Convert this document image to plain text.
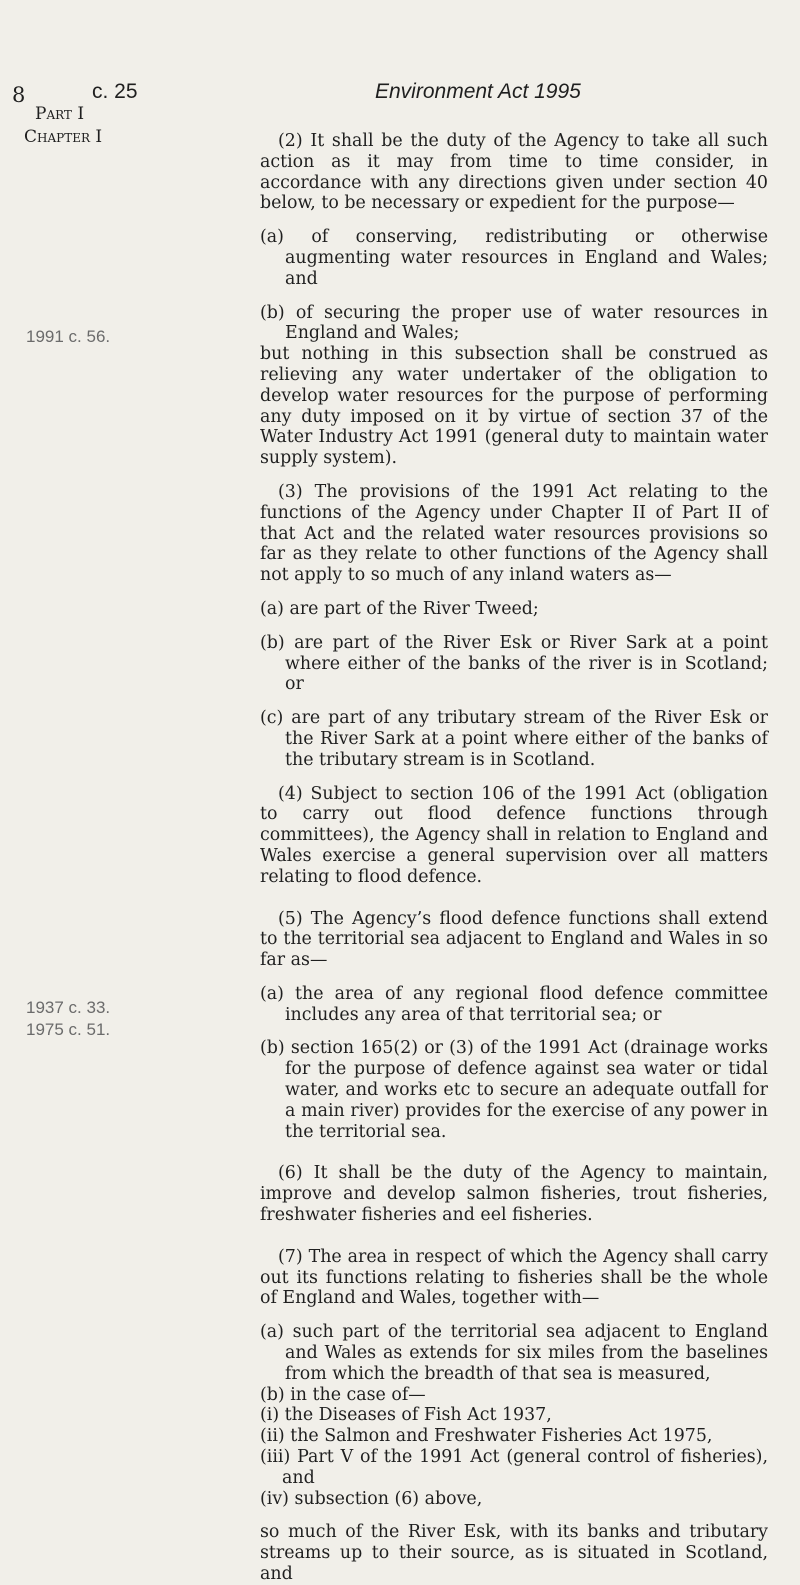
8	c. 25	Environment Act 1995
Part I
Chapter I
1991 c. 56.
1937 c. 33.
1975 c. 51.

(2) It shall be the duty of the Agency to take all such action as it may from time to time consider, in accordance with any directions given under section 40 below, to be necessary or expedient for the purpose—

(a) of conserving, redistributing or otherwise augmenting water resources in England and Wales; and

(b) of securing the proper use of water resources in England and Wales;

but nothing in this subsection shall be construed as relieving any water undertaker of the obligation to develop water resources for the purpose of performing any duty imposed on it by virtue of section 37 of the Water Industry Act 1991 (general duty to maintain water supply system).

(3) The provisions of the 1991 Act relating to the functions of the Agency under Chapter II of Part II of that Act and the related water resources provisions so far as they relate to other functions of the Agency shall not apply to so much of any inland waters as—

(a) are part of the River Tweed;

(b) are part of the River Esk or River Sark at a point where either of the banks of the river is in Scotland; or

(c) are part of any tributary stream of the River Esk or the River Sark at a point where either of the banks of the tributary stream is in Scotland.

(4) Subject to section 106 of the 1991 Act (obligation to carry out flood defence functions through committees), the Agency shall in relation to England and Wales exercise a general supervision over all matters relating to flood defence.

(5) The Agency’s flood defence functions shall extend to the territorial sea adjacent to England and Wales in so far as—

(a) the area of any regional flood defence committee includes any area of that territorial sea; or

(b) section 165(2) or (3) of the 1991 Act (drainage works for the purpose of defence against sea water or tidal water, and works etc to secure an adequate outfall for a main river) provides for the exercise of any power in the territorial sea.

(6) It shall be the duty of the Agency to maintain, improve and develop salmon fisheries, trout fisheries, freshwater fisheries and eel fisheries.

(7) The area in respect of which the Agency shall carry out its functions relating to fisheries shall be the whole of England and Wales, together with—

(a) such part of the territorial sea adjacent to England and Wales as extends for six miles from the baselines from which the breadth of that sea is measured,

(b) in the case of—

(i) the Diseases of Fish Act 1937,

(ii) the Salmon and Freshwater Fisheries Act 1975,

(iii) Part V of the 1991 Act (general control of fisheries), and

(iv) subsection (6) above,

so much of the River Esk, with its banks and tributary streams up to their source, as is situated in Scotland, and
